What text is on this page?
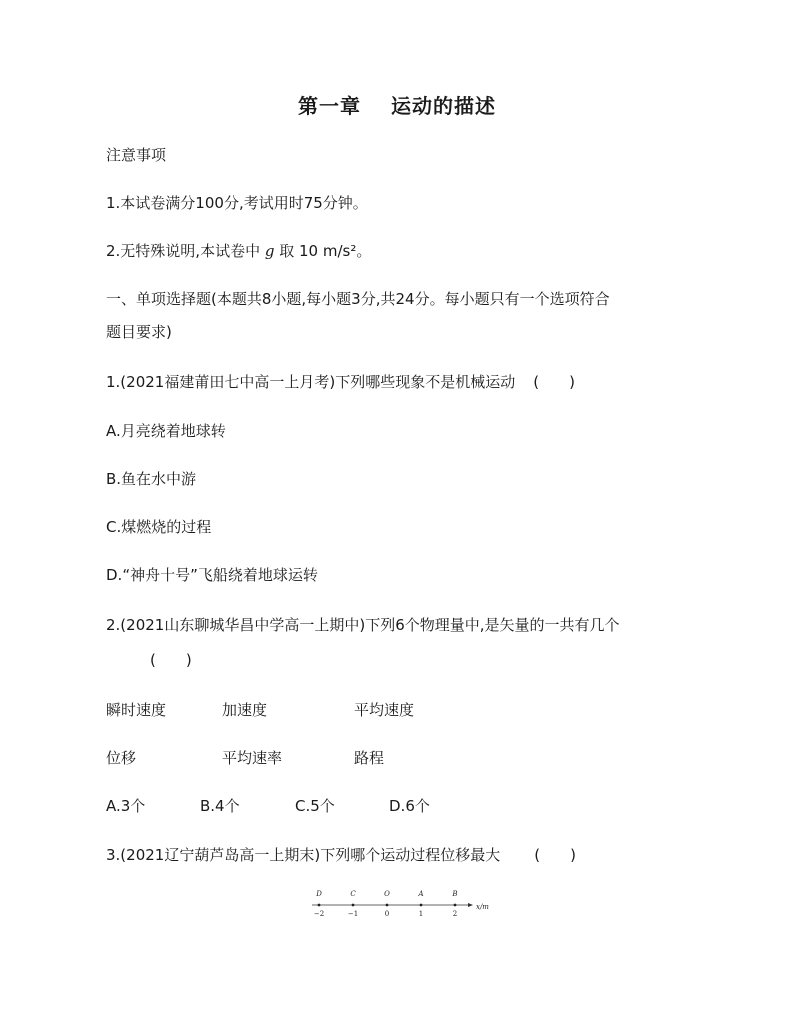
第一章 运动的描述
注意事项
1.本试卷满分100分,考试用时75分钟。
2.无特殊说明,本试卷中 g 取 10 m/s²。
一、单项选择题(本题共8小题,每小题3分,共24分。每小题只有一个选项符合
题目要求)
1.(2021福建莆田七中高一上月考)下列哪些现象不是机械运动 ( )
A.月亮绕着地球转
B.鱼在水中游
C.煤燃烧的过程
D.“神舟十号”飞船绕着地球运转
2.(2021山东聊城华昌中学高一上期中)下列6个物理量中,是矢量的一共有几个
( )
瞬时速度	加速度	平均速度
位移	平均速率	路程
A.3个	B.4个	C.5个	D.6个
3.(2021辽宁葫芦岛高一上期末)下列哪个运动过程位移最大 ( )
D
−2
C
−1
O
0
A
1
B
2
x/m
